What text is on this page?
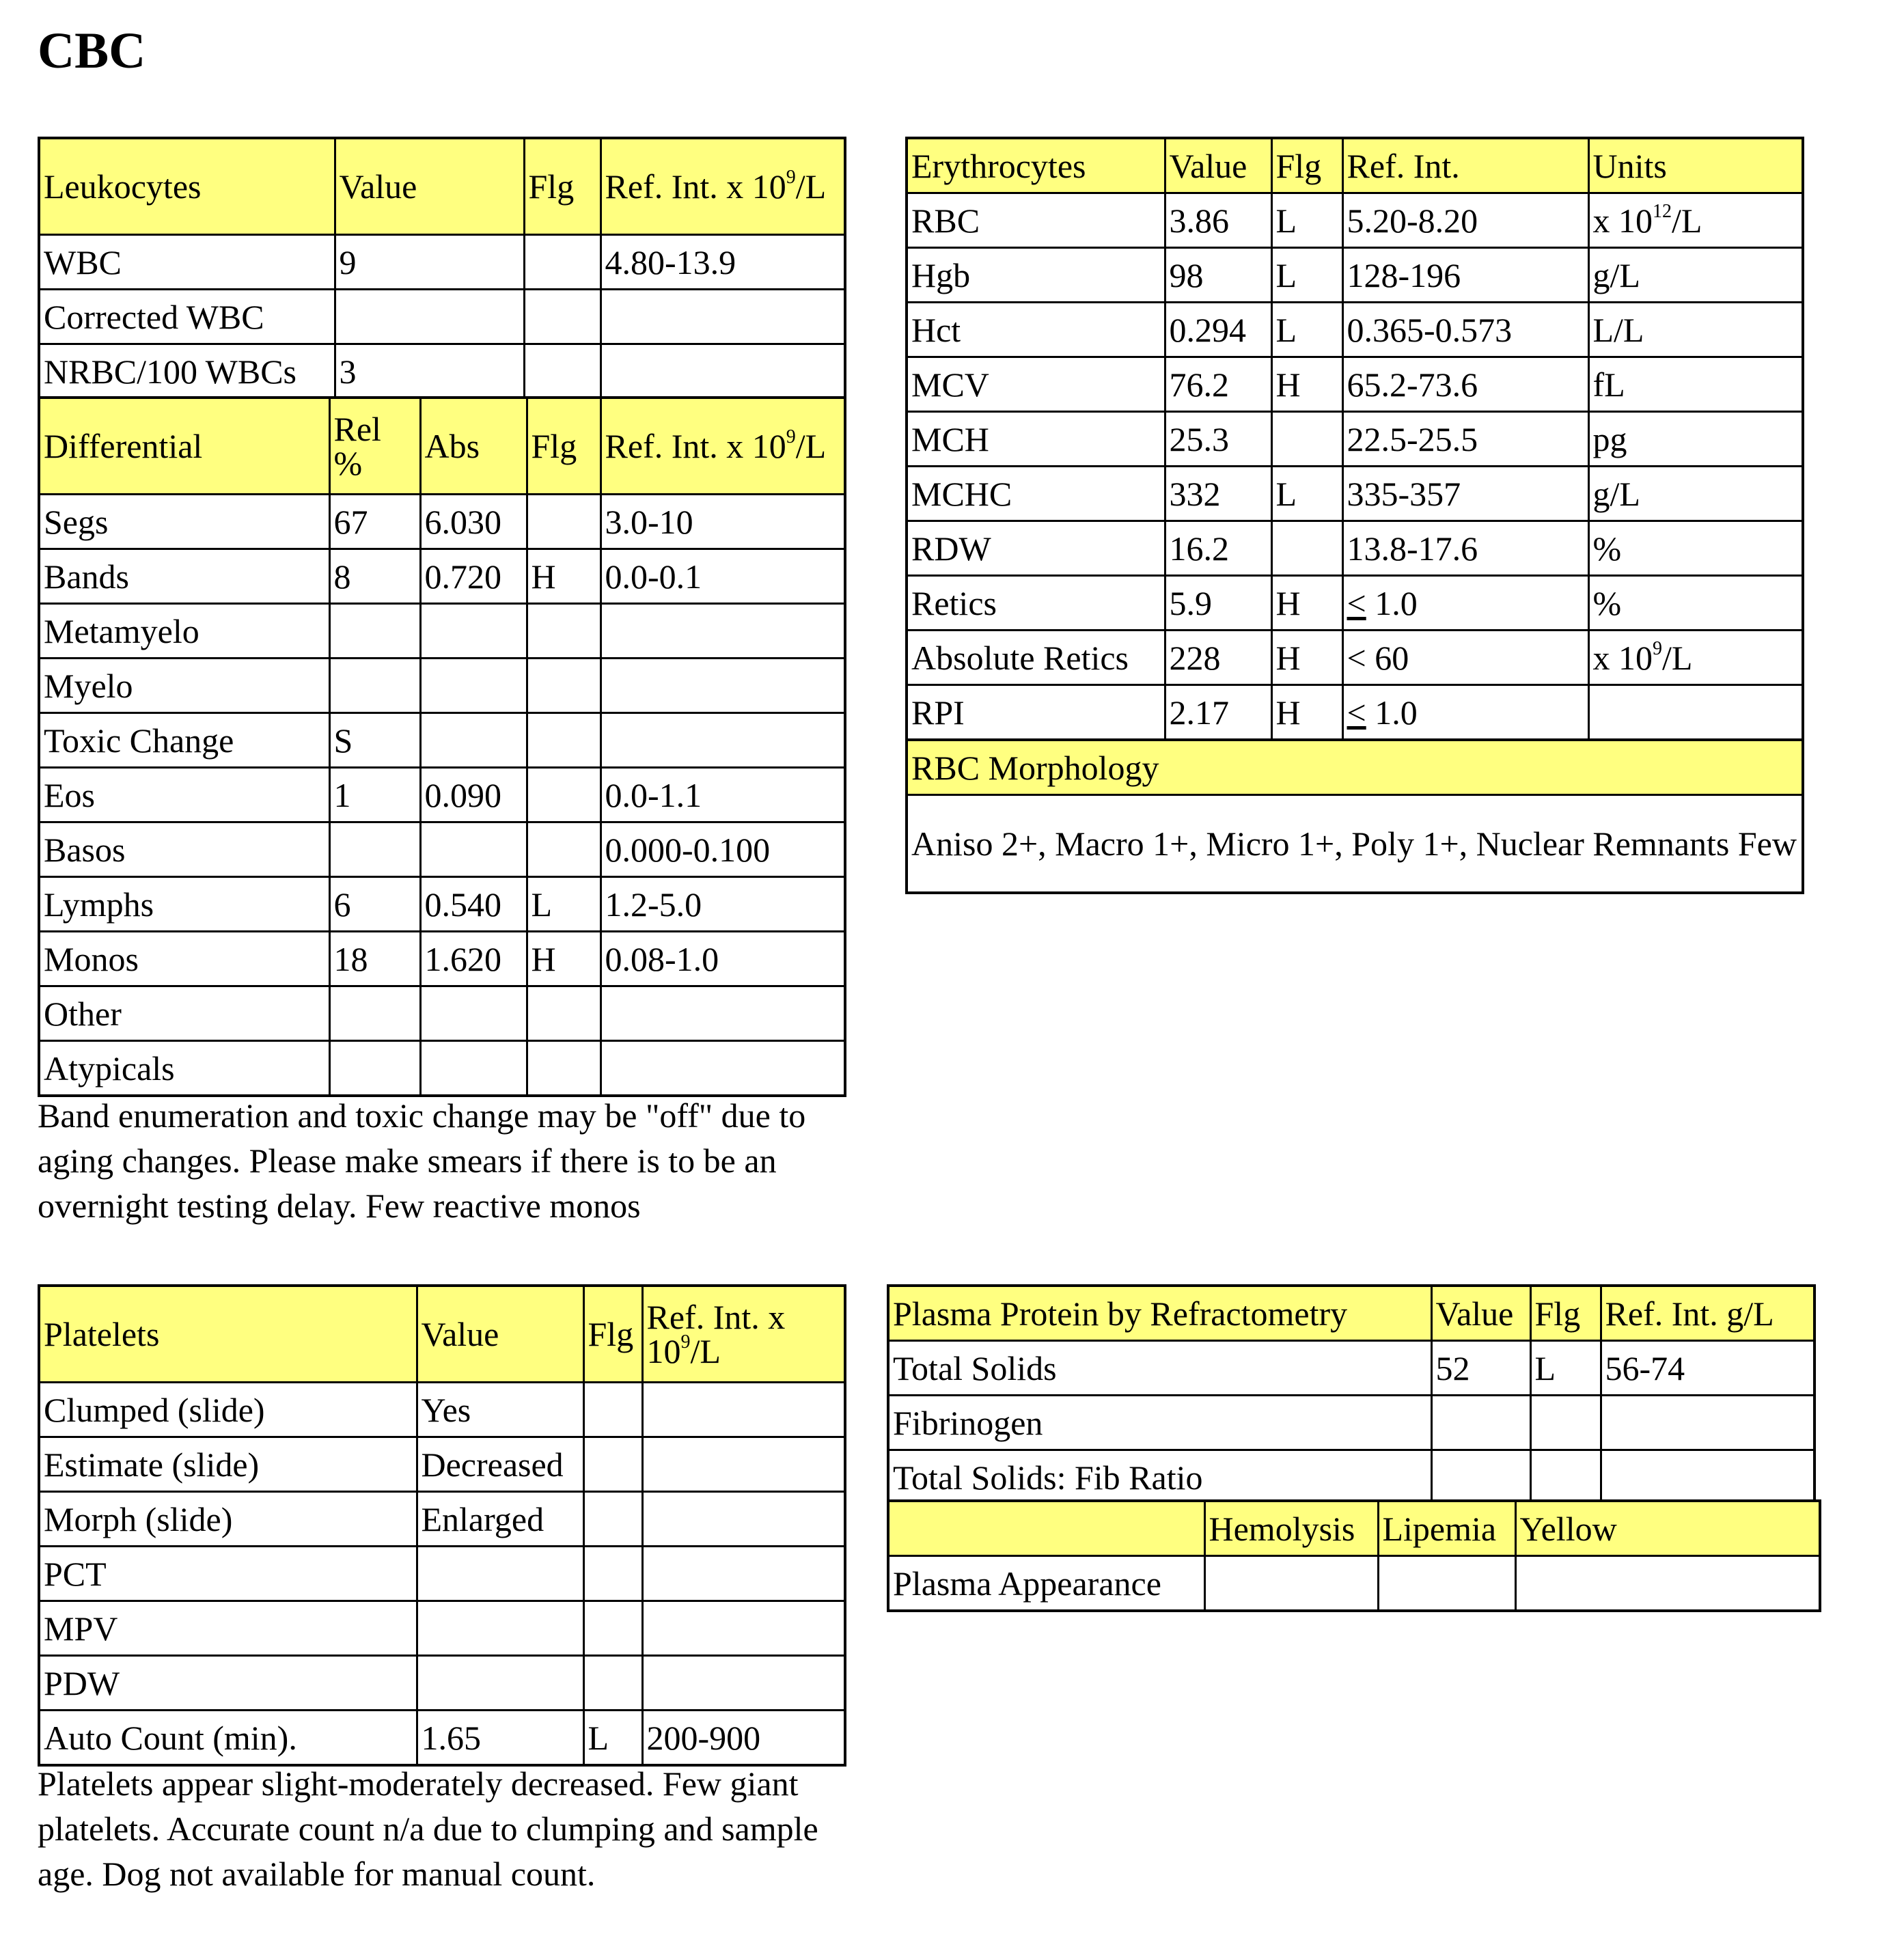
CBC
Leukocytes	Value	Flg	Ref. Int. x $10^9/L$
WBC	9		4.80-13.9
Corrected WBC			
NRBC/100 WBCs	3		
Differential	Rel %	Abs	Flg	Ref. Int. x $10^9/L$
Segs	67	6.030		3.0-10
Bands	8	0.720	H	0.0-0.1
Metamyelo				
Myelo				
Toxic Change	S			
Eos	1	0.090		0.0-1.1
Basos				0.000-0.100
Lymphs	6	0.540	L	1.2-5.0
Monos	18	1.620	H	0.08-1.0
Other				
Atypicals				
Band enumeration and toxic change may be "off" due to aging changes. Please make smears if there is to be an overnight testing delay. Few reactive monos
Erythrocytes	Value	Flg	Ref. Int.	Units
RBC	3.86	L	5.20-8.20	x $10^{12}/L$
Hgb	98	L	128-196	g/L
Hct	0.294	L	0.365-0.573	L/L
MCV	76.2	H	65.2-73.6	fL
MCH	25.3		22.5-25.5	pg
MCHC	332	L	335-357	g/L
RDW	16.2		13.8-17.6	%
Retics	5.9	H	≤ 1.0	%
Absolute Retics	228	H	< 60	x $10^9/L$
RPI	2.17	H	≤ 1.0	
RBC Morphology				
Aniso 2+, Macro 1+, Micro 1+, Poly 1+, Nuclear Remnants Few				
Platelets	Value	Flg	Ref. Int. x $10^9/L$
Clumped (slide)	Yes		
Estimate (slide)	Decreased		
Morph (slide)	Enlarged		
PCT			
MPV			
PDW			
Auto Count (min).	1.65	L	200-900
Platelets appear slight-moderately decreased. Few giant platelets. Accurate count n/a due to clumping and sample age. Dog not available for manual count.
Plasma Protein by Refractometry	Value	Flg	Ref. Int. g/L
Total Solids	52	L	56-74
Fibrinogen			
Total Solids: Fib Ratio			
	Hemolysis	Lipemia	Yellow
Plasma Appearance			
